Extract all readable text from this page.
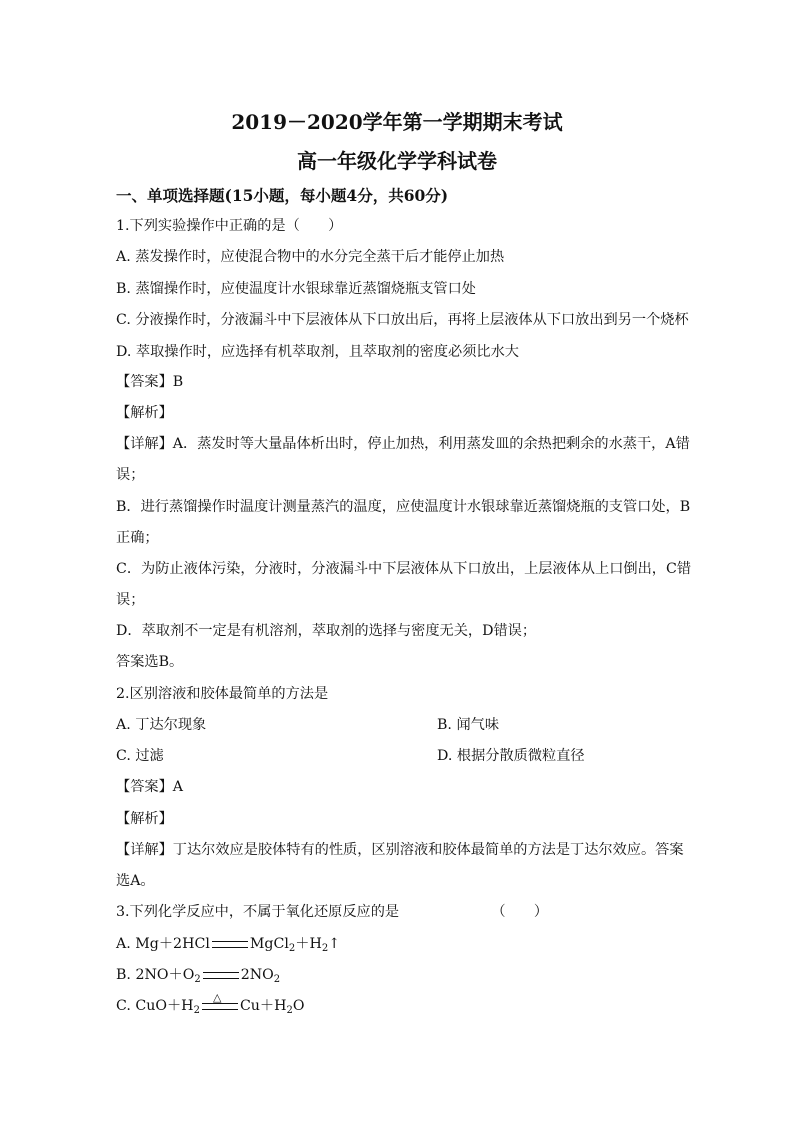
2019－2020学年第一学期期末考试
高一年级化学学科试卷
一、单项选择题(15小题，每小题4分，共60分)
1.下列实验操作中正确的是（　　）
A. 蒸发操作时，应使混合物中的水分完全蒸干后才能停止加热
B. 蒸馏操作时，应使温度计水银球靠近蒸馏烧瓶支管口处
C. 分液操作时，分液漏斗中下层液体从下口放出后，再将上层液体从下口放出到另一个烧杯
D. 萃取操作时，应选择有机萃取剂，且萃取剂的密度必须比水大
【答案】B
【解析】
【详解】A．蒸发时等大量晶体析出时，停止加热，利用蒸发皿的余热把剩余的水蒸干，A错
误；
B．进行蒸馏操作时温度计测量蒸汽的温度，应使温度计水银球靠近蒸馏烧瓶的支管口处，B
正确；
C．为防止液体污染，分液时，分液漏斗中下层液体从下口放出，上层液体从上口倒出，C错
误；
D．萃取剂不一定是有机溶剂，萃取剂的选择与密度无关，D错误；
答案选B。
2.区别溶液和胶体最简单的方法是
A. 丁达尔现象	B. 闻气味
C. 过滤	D. 根据分散质微粒直径
【答案】A
【解析】
【详解】丁达尔效应是胶体特有的性质，区别溶液和胶体最简单的方法是丁达尔效应。答案
选A。
3.下列化学反应中，不属于氧化还原反应的是　　　　　　　（　　）
A. Mg＋2HCl	$MgCl_2+H_2↑$
B. $2NO+O_2$	$2NO_2$
C. $CuO+H_2$
△
$Cu+H_2O$
